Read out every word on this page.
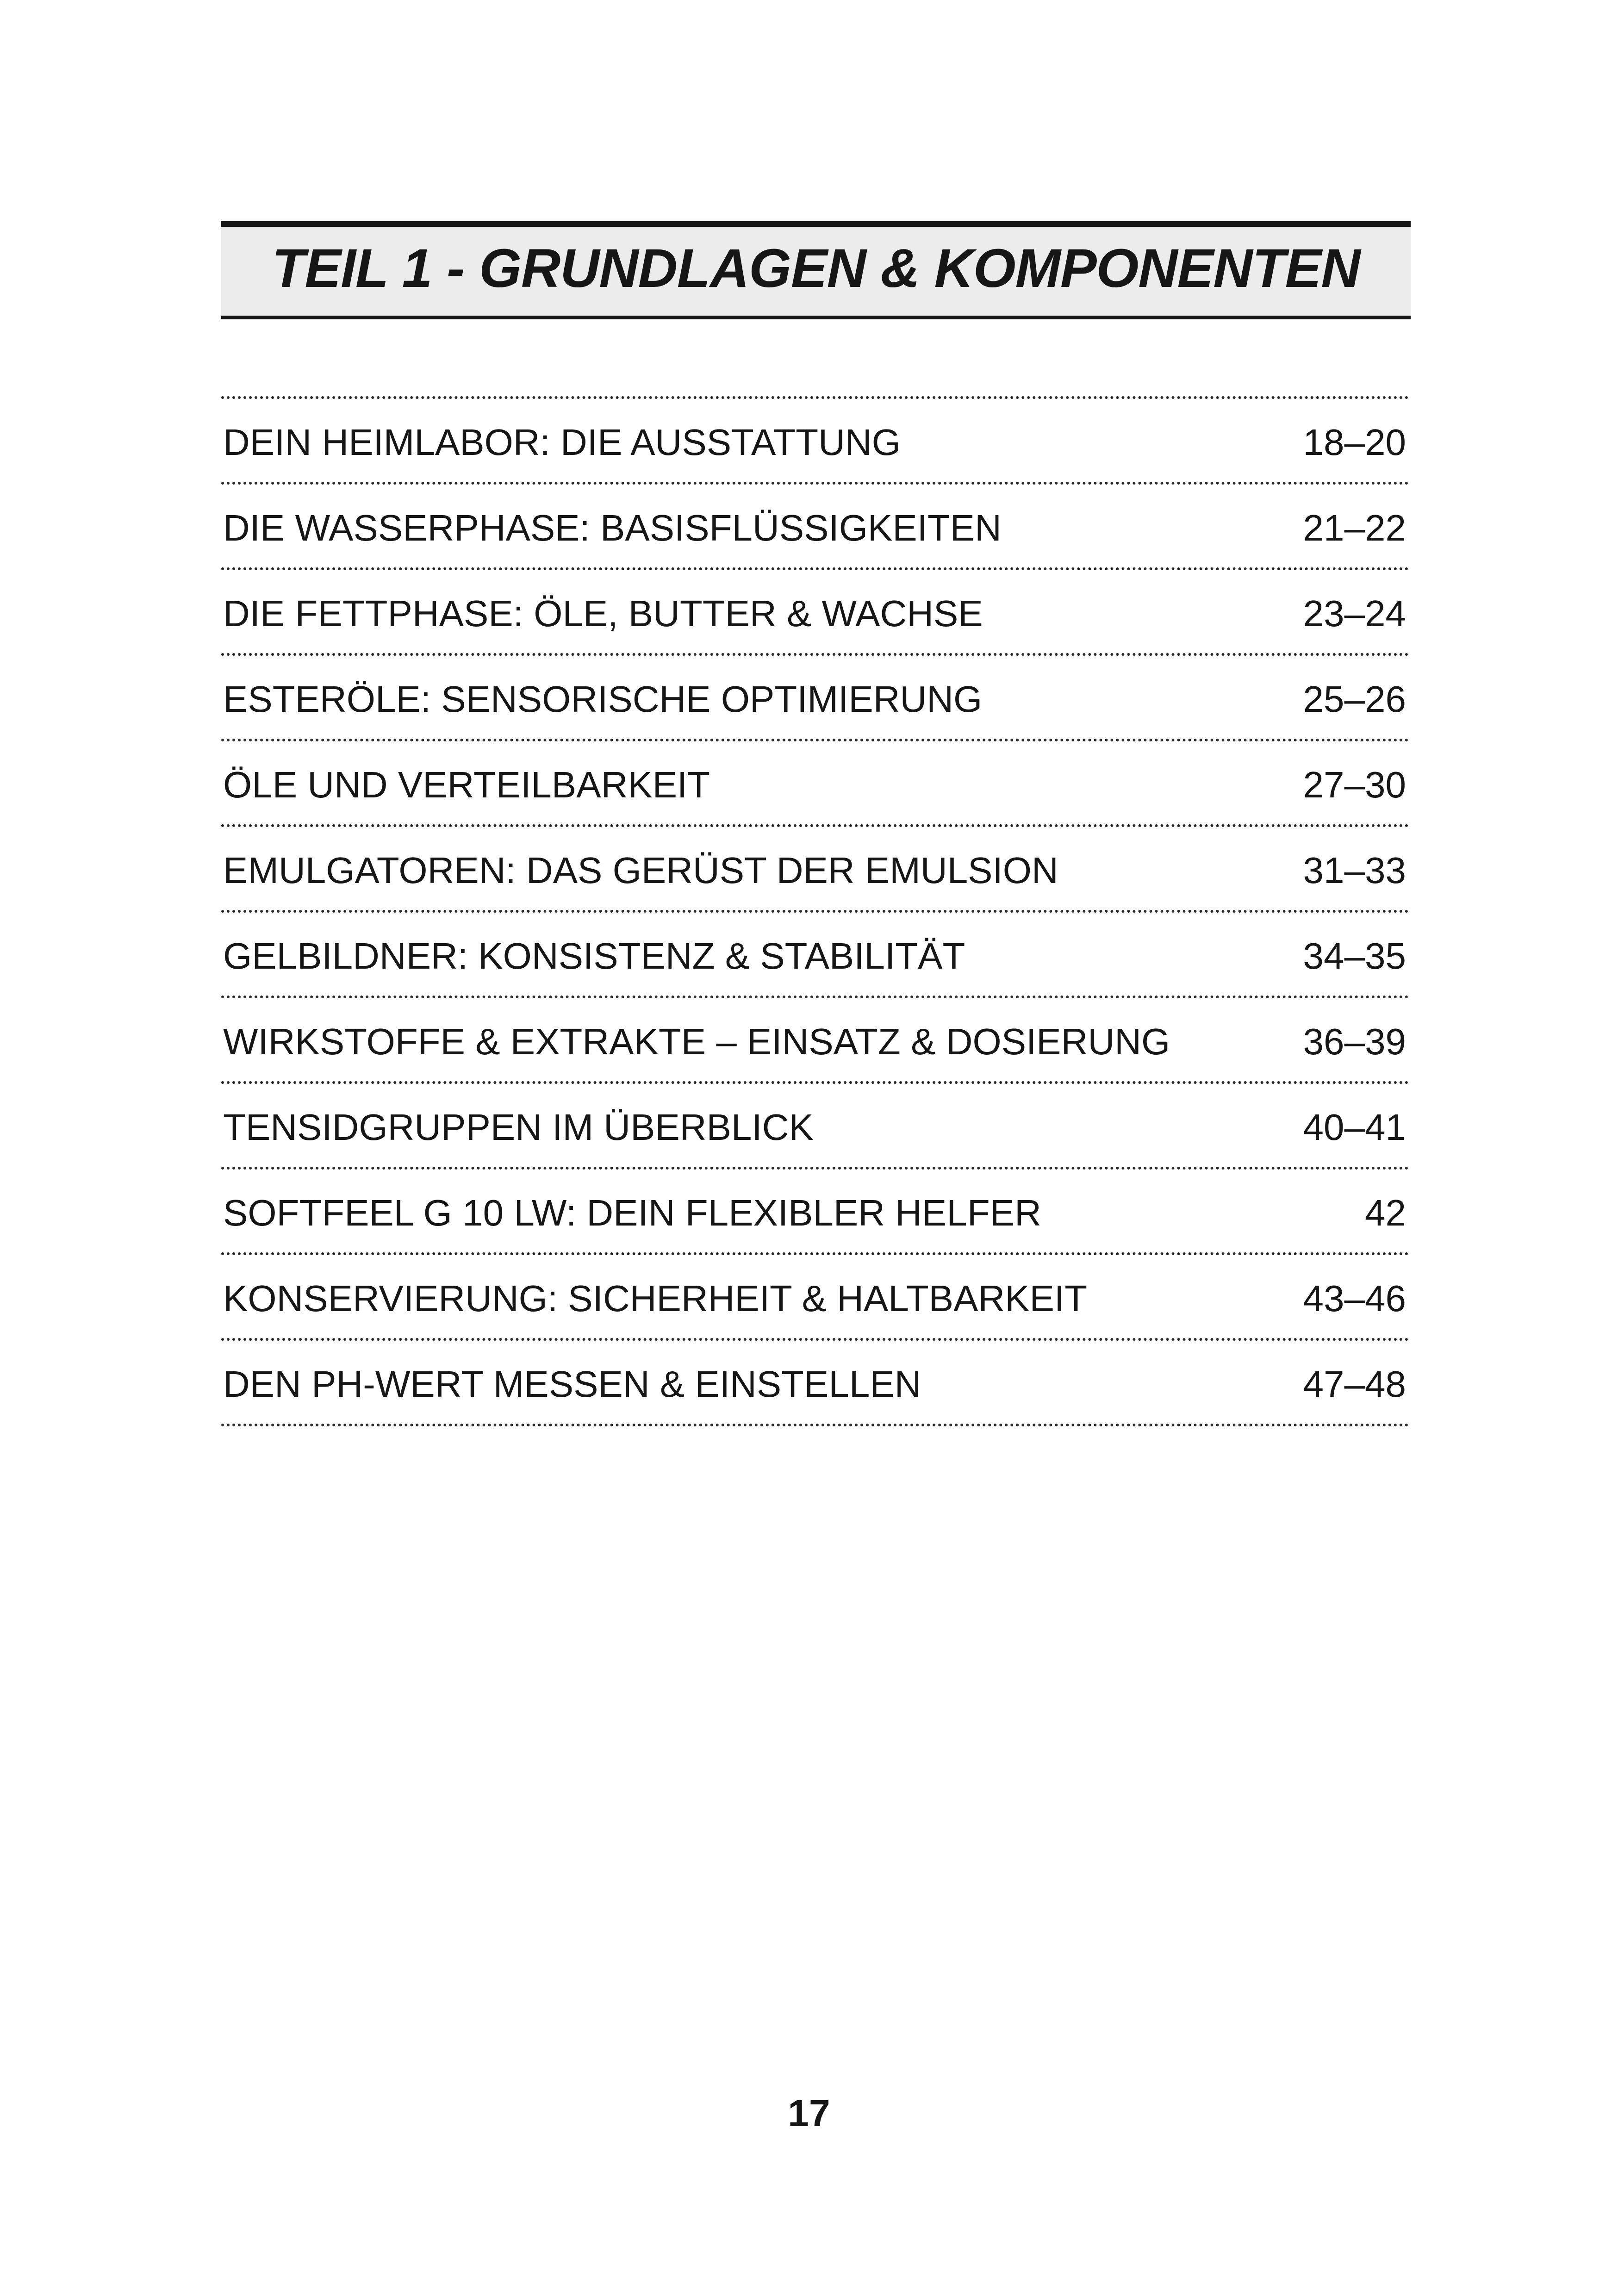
TEIL 1 - GRUNDLAGEN & KOMPONENTEN
DEIN HEIMLABOR: DIE AUSSTATTUNG	18–20
DIE WASSERPHASE: BASISFLÜSSIGKEITEN	21–22
DIE FETTPHASE: ÖLE, BUTTER & WACHSE	23–24
ESTERÖLE: SENSORISCHE OPTIMIERUNG	25–26
ÖLE UND VERTEILBARKEIT	27–30
EMULGATOREN: DAS GERÜST DER EMULSION	31–33
GELBILDNER: KONSISTENZ & STABILITÄT	34–35
WIRKSTOFFE & EXTRAKTE – EINSATZ & DOSIERUNG	36–39
TENSIDGRUPPEN IM ÜBERBLICK	40–41
SOFTFEEL G 10 LW: DEIN FLEXIBLER HELFER	42
KONSERVIERUNG: SICHERHEIT & HALTBARKEIT	43–46
DEN PH-WERT MESSEN & EINSTELLEN	47–48
17
